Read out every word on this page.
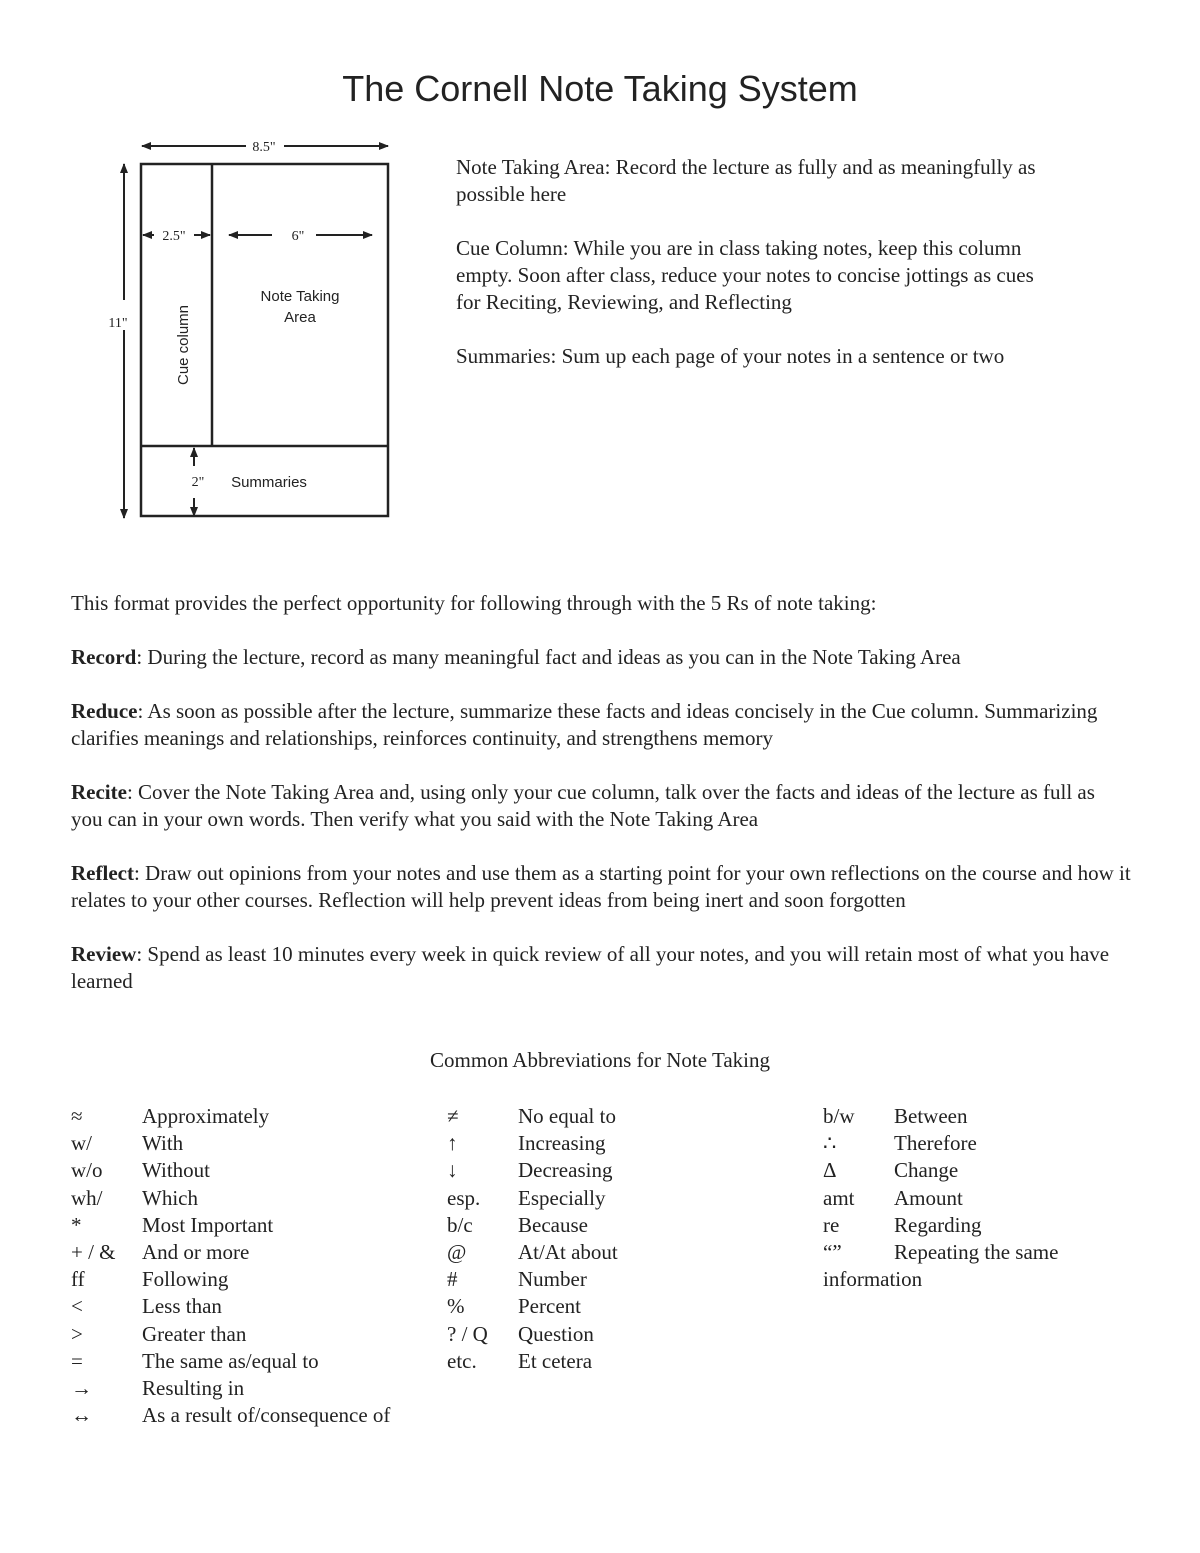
The Cornell Note Taking System
8.5"
11"
2.5"	6"
Cue column
Note Taking
Area
2" Summaries

Note Taking Area: Record the lecture as fully and as meaningfully as possible here

Cue Column: While you are in class taking notes, keep this column empty. Soon after class, reduce your notes to concise jottings as cues for Reciting, Reviewing, and Reflecting

Summaries: Sum up each page of your notes in a sentence or two

This format provides the perfect opportunity for following through with the 5 Rs of note taking:

Record: During the lecture, record as many meaningful fact and ideas as you can in the Note Taking Area

Reduce: As soon as possible after the lecture, summarize these facts and ideas concisely in the Cue column. Summarizing clarifies meanings and relationships, reinforces continuity, and strengthens memory

Recite: Cover the Note Taking Area and, using only your cue column, talk over the facts and ideas of the lecture as full as you can in your own words. Then verify what you said with the Note Taking Area

Reflect: Draw out opinions from your notes and use them as a starting point for your own reflections on the course and how it relates to your other courses. Reflection will help prevent ideas from being inert and soon forgotten

Review: Spend as least 10 minutes every week in quick review of all your notes, and you will retain most of what you have learned

Common Abbreviations for Note Taking
≈	Approximately
w/	With
w/o	Without
wh/	Which
*	Most Important
+ / &	And or more
ff	Following
<	Less than
>	Greater than
=	The same as/equal to
→	Resulting in
↔	As a result of/consequence of
≠	No equal to
↑	Increasing
↓	Decreasing
esp.	Especially
b/c	Because
@	At/At about
#	Number
%	Percent
? / Q	Question
etc.	Et cetera
b/w	Between
∴	Therefore
Δ	Change
amt	Amount
re	Regarding
“”	Repeating the same
information
